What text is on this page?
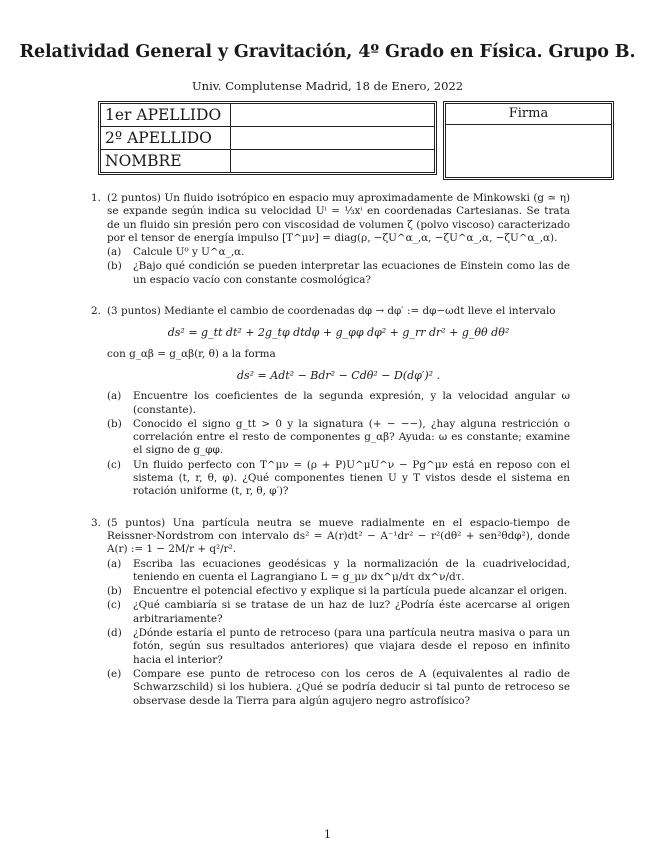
Relatividad General y Gravitación, 4º Grado en Física. Grupo B.
Univ. Complutense Madrid, 18 de Enero, 2022
1er APELLIDO	
2º APELLIDO	
NOMBRE	
Firma
1. (2 puntos) Un fluido isotrópico en espacio muy aproximadamente de Minkowski (g ≃ η) se expande según indica su velocidad Uⁱ = ⅓xⁱ en coordenadas Cartesianas. Se trata de un fluido sin presión pero con viscosidad de volumen ζ (polvo viscoso) caracterizado por el tensor de energía impulso [T^μν] = diag(ρ, −ζU^α_,α, −ζU^α_,α, −ζU^α_,α).
(a) Calcule U⁰ y U^α_,α.
(b) ¿Bajo qué condición se pueden interpretar las ecuaciones de Einstein como las de un espacio vacío con constante cosmológica?
2. (3 puntos) Mediante el cambio de coordenadas dφ → dφ′ := dφ−ωdt lleve el intervalo
ds² = g_tt dt² + 2g_tφ dtdφ + g_φφ dφ² + g_rr dr² + g_θθ dθ²
con g_αβ = g_αβ(r, θ) a la forma
ds² = Adt² − Bdr² − Cdθ² − D(dφ′)² .
(a) Encuentre los coeficientes de la segunda expresión, y la velocidad angular ω (constante).
(b) Conocido el signo g_tt > 0 y la signatura (+ − −−), ¿hay alguna restricción o correlación entre el resto de componentes g_αβ? Ayuda: ω es constante; examine el signo de g_φφ.
(c) Un fluido perfecto con T^μν = (ρ + P)U^μU^ν − Pg^μν está en reposo con el sistema (t, r, θ, φ). ¿Qué componentes tienen U y T vistos desde el sistema en rotación uniforme (t, r, θ, φ′)?
3. (5 puntos) Una partícula neutra se mueve radialmente en el espacio-tiempo de Reissner-Nordstrom con intervalo ds² = A(r)dt² − A⁻¹dr² − r²(dθ² + sen²θdφ²), donde A(r) := 1 − 2M/r + q²/r².
(a) Escriba las ecuaciones geodésicas y la normalización de la cuadrivelocidad, teniendo en cuenta el Lagrangiano L = g_μν dx^μ/dτ dx^ν/dτ.
(b) Encuentre el potencial efectivo y explique si la partícula puede alcanzar el origen.
(c) ¿Qué cambiaría si se tratase de un haz de luz? ¿Podría éste acercarse al origen arbitrariamente?
(d) ¿Dónde estaría el punto de retroceso (para una partícula neutra masiva o para un fotón, según sus resultados anteriores) que viajara desde el reposo en infinito hacia el interior?
(e) Compare ese punto de retroceso con los ceros de A (equivalentes al radio de Schwarzschild) si los hubiera. ¿Qué se podría deducir si tal punto de retroceso se observase desde la Tierra para algún agujero negro astrofísico?
1
